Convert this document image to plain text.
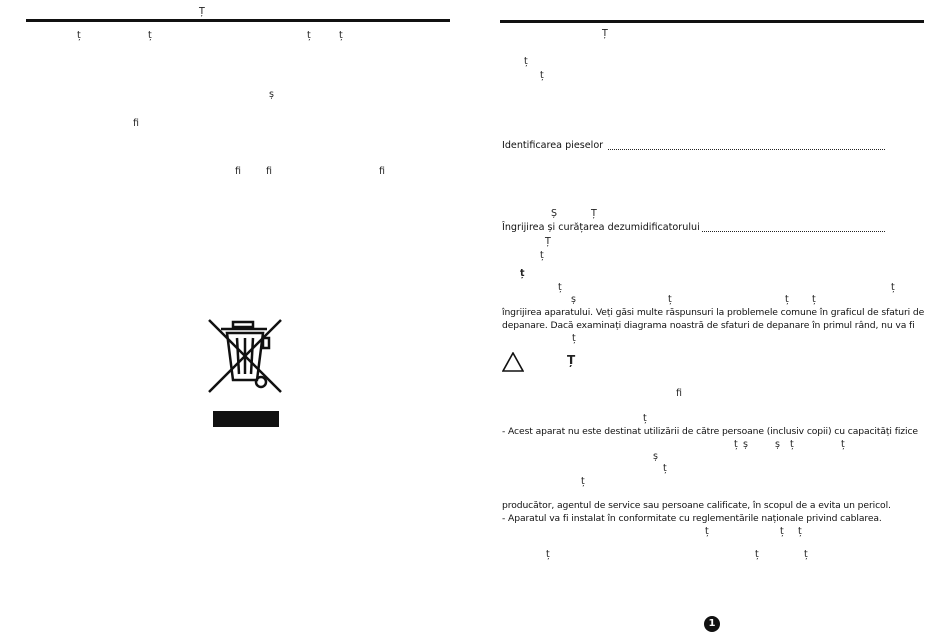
Ț
ț	ț	ț	ț
ș
fi
fi	fi	fi
Ț
ț
ț
Identificarea pieselor
Ș	Ț
Îngrijirea și curățarea dezumidificatorului
Ț
ț
ț
ț	ț
ș	ț	ț ț
îngrijirea aparatului. Veți găsi multe răspunsuri la problemele comune în graficul de sfaturi de
depanare. Dacă examinați diagrama noastră de sfaturi de depanare în primul rând, nu va fi
ț
Ț
fi
ț
- Acest aparat nu este destinat utilizării de către persoane (inclusiv copii) cu capacități fizice
ț ș	ș ț	ț
ș
ț
ț
producător, agentul de service sau persoane calificate, în scopul de a evita un pericol.
- Aparatul va fi instalat în conformitate cu reglementările naționale privind cablarea.
ț	ț ț
ț	ț	ț
1
